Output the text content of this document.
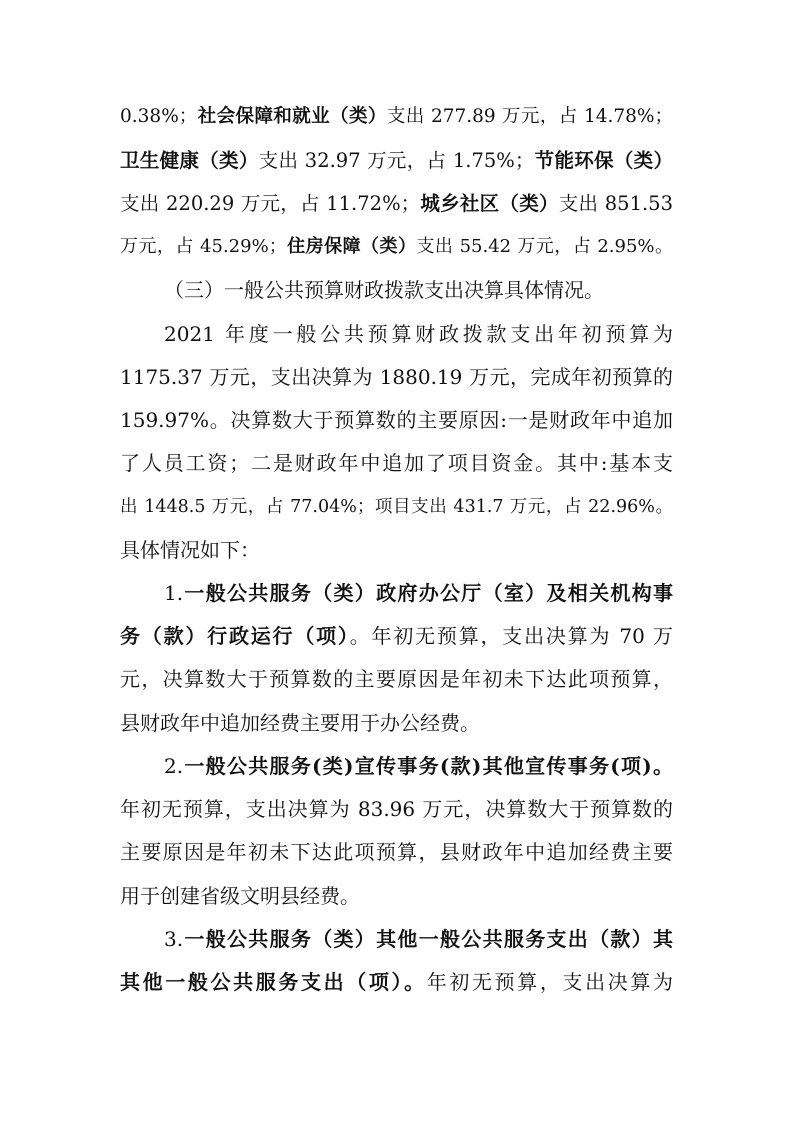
0.38%；社会保障和就业（类）支出 277.89 万元，占 14.78%；
卫生健康（类）支出 32.97 万元，占 1.75%；节能环保（类）
支出 220.29 万元，占 11.72%；城乡社区（类）支出 851.53
万元，占 45.29%；住房保障（类）支出 55.42 万元，占 2.95%。
（三）一般公共预算财政拨款支出决算具体情况。
2021 年度一般公共预算财政拨款支出年初预算为
1175.37 万元，支出决算为 1880.19 万元，完成年初预算的
159.97%。决算数大于预算数的主要原因:一是财政年中追加
了人员工资；二是财政年中追加了项目资金。其中:基本支
出 1448.5 万元，占 77.04%；项目支出 431.7 万元，占 22.96%。
具体情况如下：
1.一般公共服务（类）政府办公厅（室）及相关机构事
务（款）行政运行（项）。年初无预算，支出决算为 70 万
元，决算数大于预算数的主要原因是年初未下达此项预算，
县财政年中追加经费主要用于办公经费。
2.一般公共服务(类)宣传事务(款)其他宣传事务(项)。
年初无预算，支出决算为 83.96 万元，决算数大于预算数的
主要原因是年初未下达此项预算，县财政年中追加经费主要
用于创建省级文明县经费。
3.一般公共服务（类）其他一般公共服务支出（款）其
其他一般公共服务支出（项）。年初无预算，支出决算为
